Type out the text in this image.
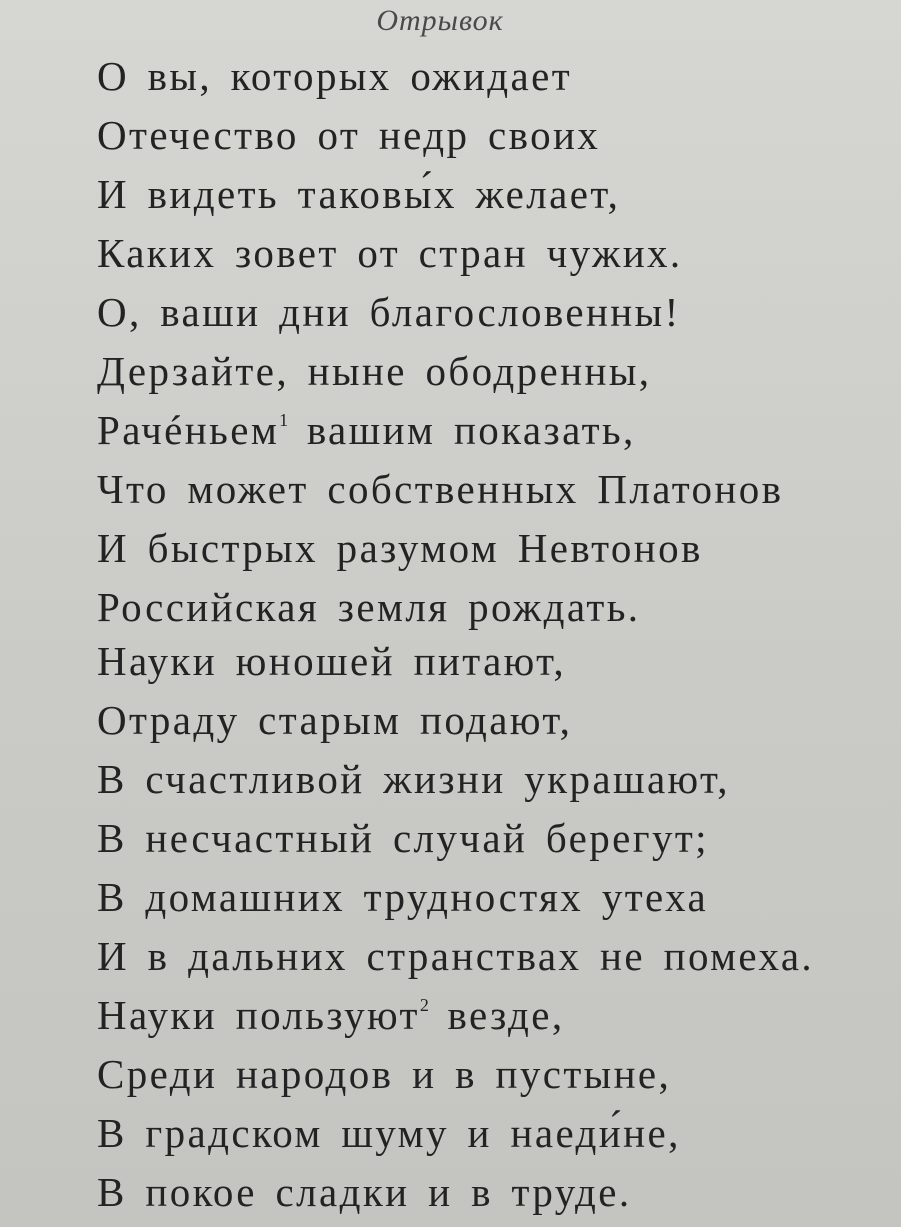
Отрывок
О вы, которых ожидает
Отечество от недр своих
И видеть таковы́х желает,
Каких зовет от стран чужих.
О, ваши дни благословенны!
Дерзайте, ныне ободренны,
Рачéньем$^1$ вашим показать,
Что может собственных Платонов
И быстрых разумом Невтонов
Российская земля рождать.
Науки юношей питают,
Отраду старым подают,
В счастливой жизни украшают,
В несчастный случай берегут;
В домашних трудностях утеха
И в дальних странствах не помеха.
Науки пользуют$^2$ везде,
Среди народов и в пустыне,
В градском шуму и наеди́не,
В покое сладки и в труде.
